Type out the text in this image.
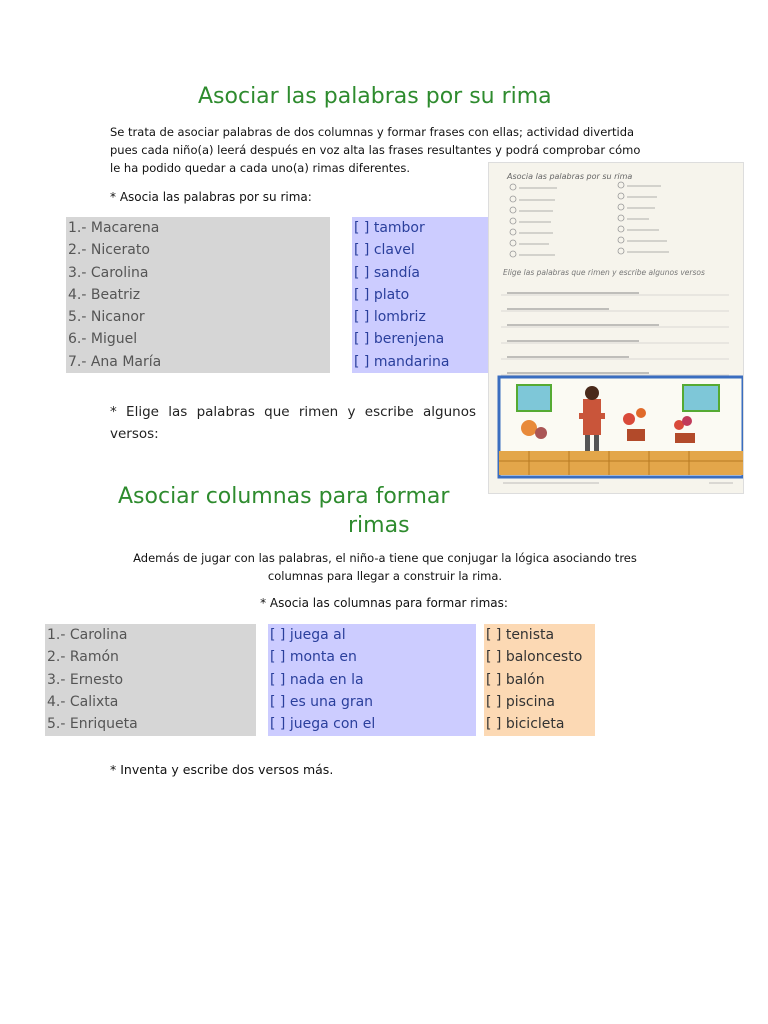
Asociar las palabras por su rima
Se trata de asociar palabras de dos columnas y formar frases con ellas; actividad divertida
pues cada niño(a) leerá después en voz alta las frases resultantes y podrá comprobar cómo
le ha podido quedar a cada uno(a) rimas diferentes.
* Asocia las palabras por su rima:
1.- Macarena
2.- Nicerato
3.- Carolina
4.- Beatriz
5.- Nicanor
6.- Miguel
7.- Ana María
[ ] tambor
[ ] clavel
[ ] sandía
[ ] plato
[ ] lombriz
[ ] berenjena
[ ] mandarina
* Elige las palabras que rimen y escribe algunos
versos:
Asocia las palabras por su rima
Elige las palabras que rimen y escribe algunos versos
Asociar columnas para formar
rimas
Además de jugar con las palabras, el niño-a tiene que conjugar la lógica asociando tres
columnas para llegar a construir la rima.
* Asocia las columnas para formar rimas:
1.- Carolina
2.- Ramón
3.- Ernesto
4.- Calixta
5.- Enriqueta
[ ] juega al
[ ] monta en
[ ] nada en la
[ ] es una gran
[ ] juega con el
[ ] tenista
[ ] baloncesto
[ ] balón
[ ] piscina
[ ] bicicleta
* Inventa y escribe dos versos más.
